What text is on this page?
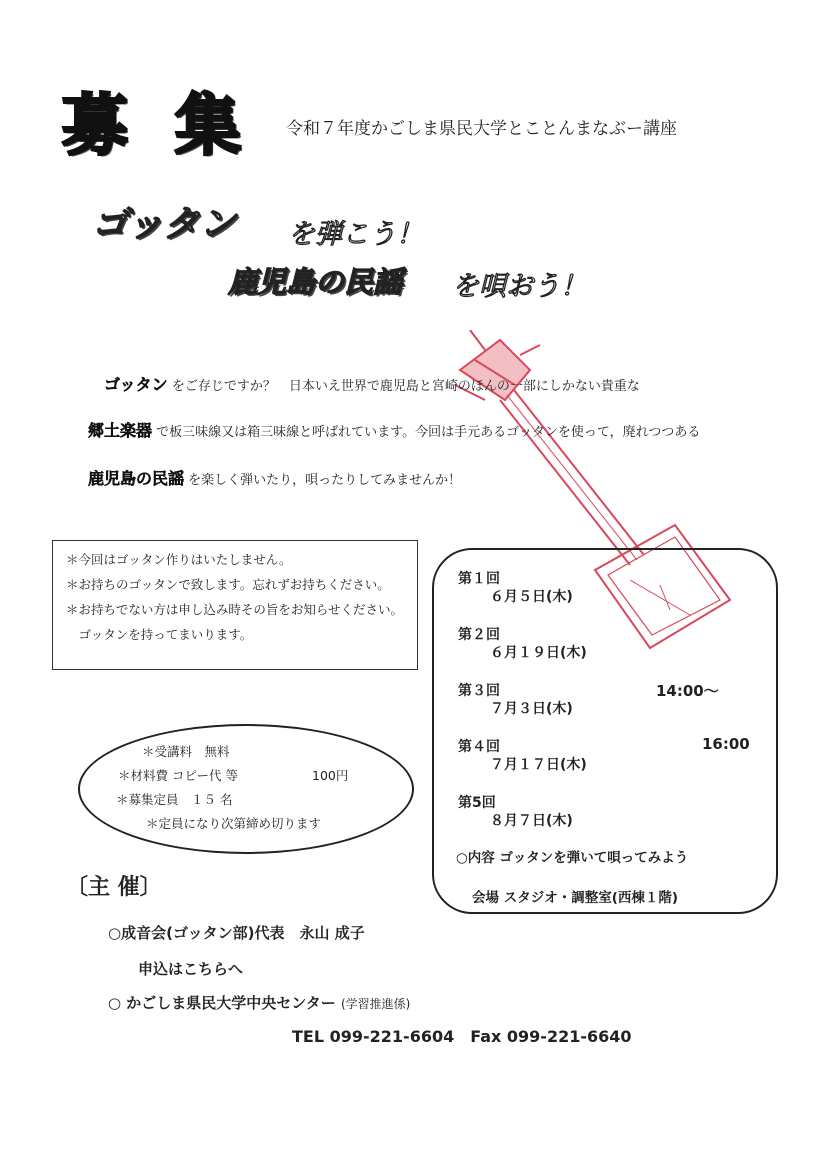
募 集 令和７年度かごしま県民大学とことんまなぶー講座
ゴッタン を弾こう！
鹿児島の民謡 を唄おう！
ゴッタン をご存じですか？　日本いえ世界で鹿児島と宮崎のほんの一部にしかない貴重な
郷土楽器 で板三味線又は箱三味線と呼ばれています。今回は手元あるゴッタンを使って，廃れつつある
鹿児島の民謡 を楽しく弾いたり，唄ったりしてみませんか！
＊今回はゴッタン作りはいたしません。
＊お持ちのゴッタンで致します。忘れずお持ちください。
＊お持ちでない方は申し込み時その旨をお知らせください。
　ゴッタンを持ってまいります。
＊受講料　無料
＊材料費 コピー代 等	100円
＊募集定員　１５ 名
＊定員になり次第締め切ります
第１回
６月５日(木)
第２回
６月１９日(木)
第３回
７月３日(木)
第４回
７月１７日(木)
第5回
８月７日(木)
14:00～
16:00
○内容 ゴッタンを弾いて唄ってみよう
会場 スタジオ・調整室(西棟１階)
〔主 催〕
○成音会(ゴッタン部)代表　永山 成子
申込はこちらへ
○ かごしま県民大学中央センター (学習推進係)
TEL 099-221-6604　Fax 099-221-6640
